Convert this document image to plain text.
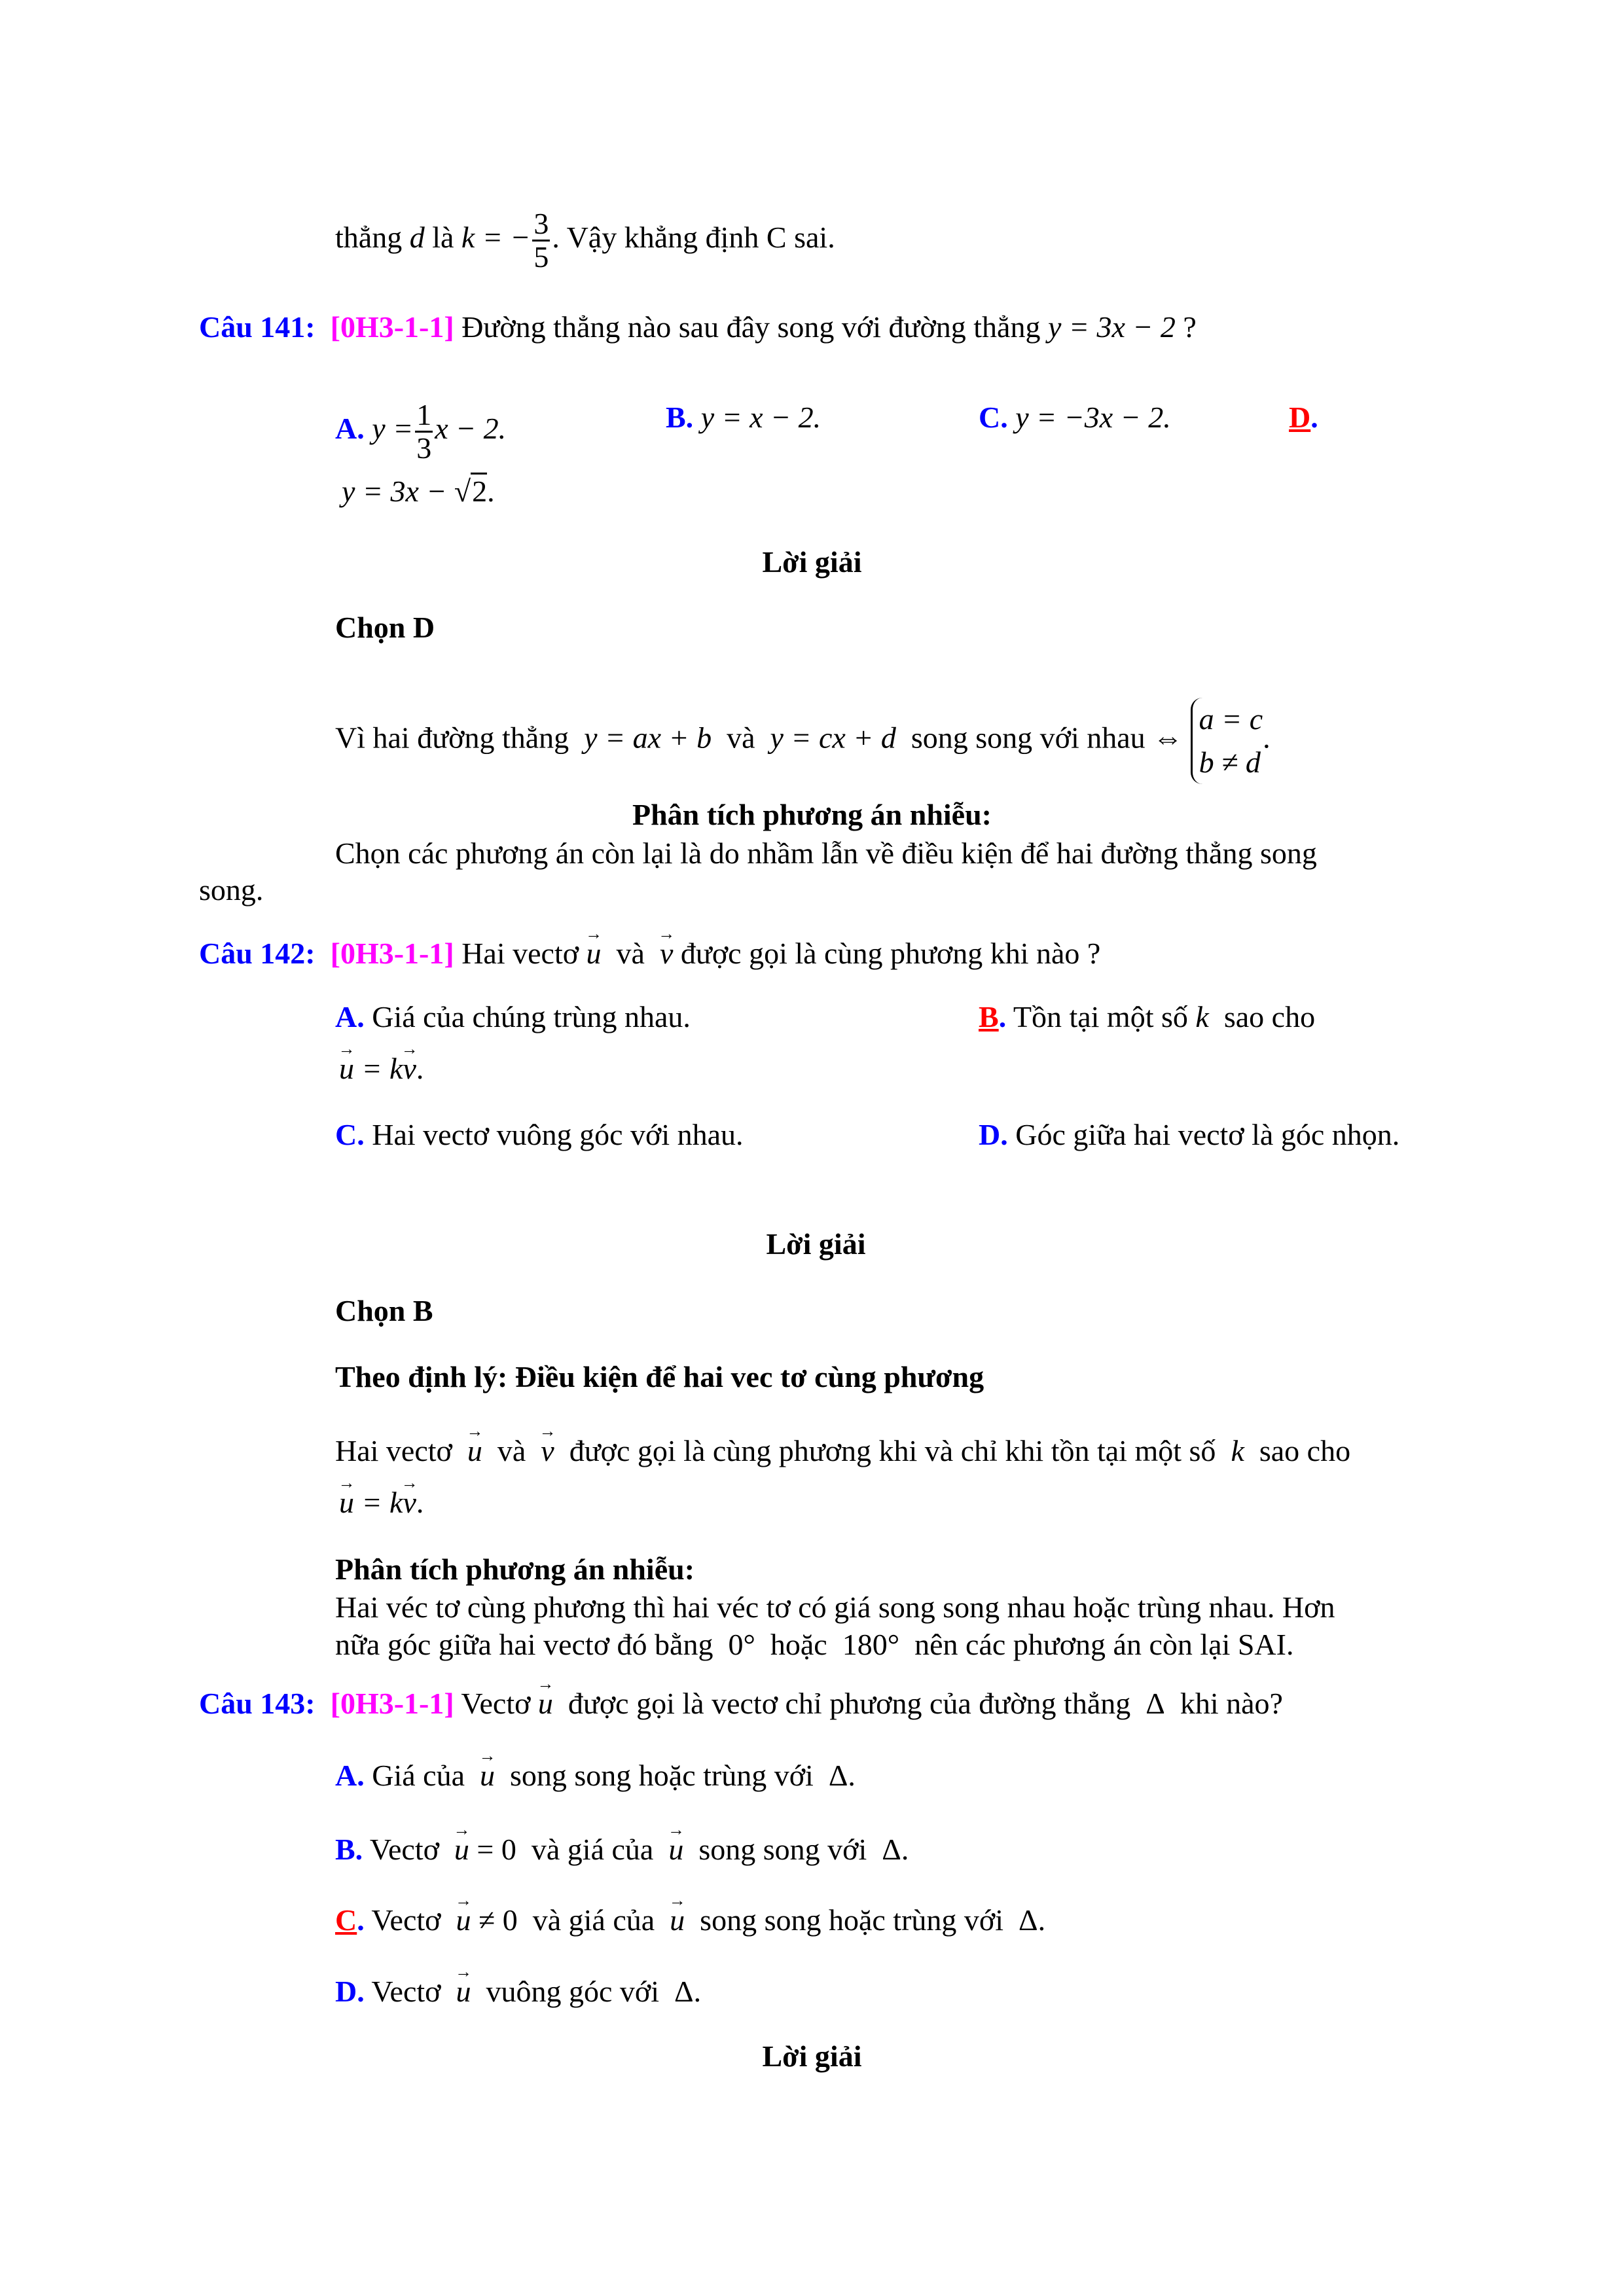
thẳng d là k = − $\frac{3}{5}$ . Vậy khẳng định C sai.
Câu 141: [0H3-1-1] Đường thẳng nào sau đây song với đường thẳng y = 3x − 2 ?
A. $y = \frac{1}{3}$ x − 2.	B. y = x − 2.	C. y = −3x − 2.	D.
y = 3x − √2.
Lời giải
Chọn D
Vì hai đường thẳng y = ax + b và y = cx + d song song với nhau ⇔
a = c
b ≠ d
.
Phân tích phương án nhiễu:
Chọn các phương án còn lại là do nhầm lẫn về điều kiện để hai đường thẳng song
song.
Câu 142: [0H3-1-1] Hai vectơ → u và → v được gọi là cùng phương khi nào ?
A. Giá của chúng trùng nhau.	B. Tồn tại một số k sao cho
→ u = k→ v.
C. Hai vectơ vuông góc với nhau.	D. Góc giữa hai vectơ là góc nhọn.
Lời giải
Chọn B
Theo định lý: Điều kiện để hai vec tơ cùng phương
Hai vectơ → u và → v được gọi là cùng phương khi và chỉ khi tồn tại một số k sao cho
→ u = k→ v.
Phân tích phương án nhiễu:
Hai véc tơ cùng phương thì hai véc tơ có giá song song nhau hoặc trùng nhau. Hơn
nữa góc giữa hai vectơ đó bằng 0° hoặc 180° nên các phương án còn lại SAI.
Câu 143: [0H3-1-1] Vectơ → u được gọi là vectơ chỉ phương của đường thẳng Δ khi nào?
A. Giá của → u song song hoặc trùng với Δ.
B. Vectơ → u = 0 và giá của → u song song với Δ.
C. Vectơ → u ≠ 0 và giá của → u song song hoặc trùng với Δ.
D. Vectơ → u vuông góc với Δ.
Lời giải
